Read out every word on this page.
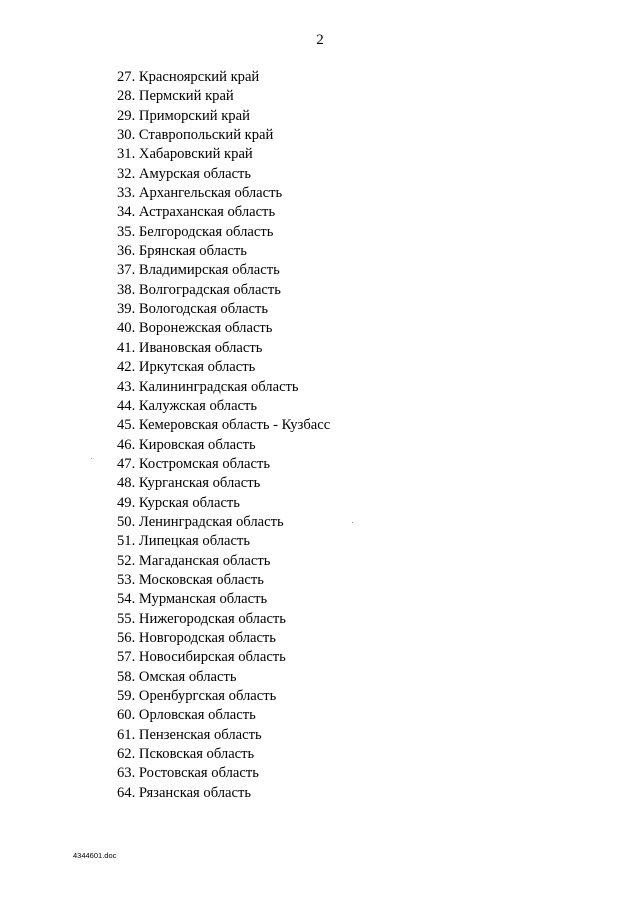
2
27. Красноярский край
28. Пермский край
29. Приморский край
30. Ставропольский край
31. Хабаровский край
32. Амурская область
33. Архангельская область
34. Астраханская область
35. Белгородская область
36. Брянская область
37. Владимирская область
38. Волгоградская область
39. Вологодская область
40. Воронежская область
41. Ивановская область
42. Иркутская область
43. Калининградская область
44. Калужская область
45. Кемеровская область - Кузбасс
46. Кировская область
47. Костромская область
48. Курганская область
49. Курская область
50. Ленинградская область
51. Липецкая область
52. Магаданская область
53. Московская область
54. Мурманская область
55. Нижегородская область
56. Новгородская область
57. Новосибирская область
58. Омская область
59. Оренбургская область
60. Орловская область
61. Пензенская область
62. Псковская область
63. Ростовская область
64. Рязанская область
4344601.doc
